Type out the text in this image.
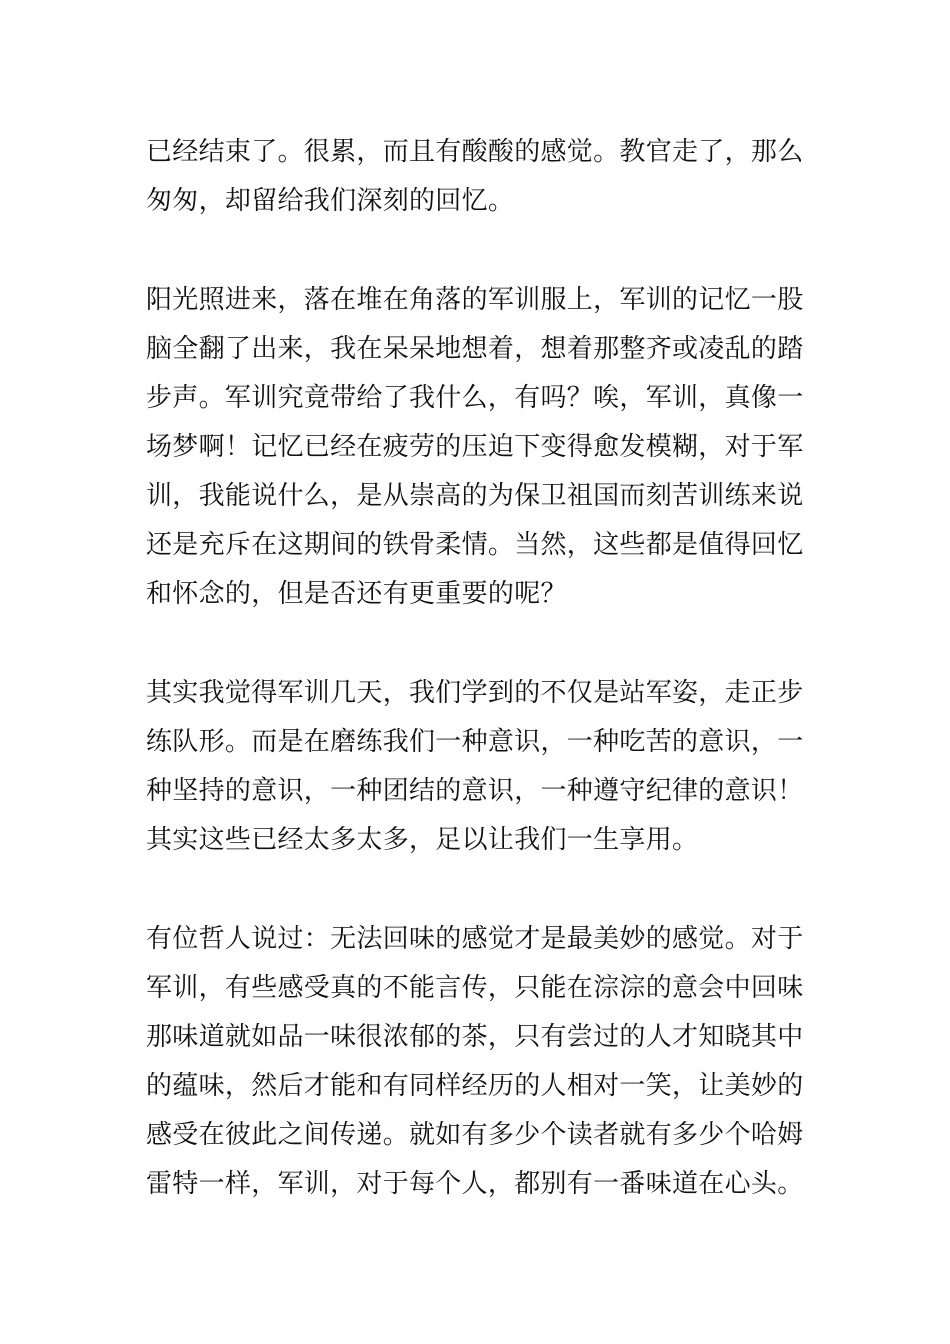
已经结束了。很累，而且有酸酸的感觉。教官走了，那么
匆匆，却留给我们深刻的回忆。
阳光照进来，落在堆在角落的军训服上，军训的记忆一股
脑全翻了出来，我在呆呆地想着，想着那整齐或凌乱的踏
步声。军训究竟带给了我什么，有吗？唉，军训，真像一
场梦啊！记忆已经在疲劳的压迫下变得愈发模糊，对于军
训，我能说什么，是从崇高的为保卫祖国而刻苦训练来说
还是充斥在这期间的铁骨柔情。当然，这些都是值得回忆
和怀念的，但是否还有更重要的呢？
其实我觉得军训几天，我们学到的不仅是站军姿，走正步
练队形。而是在磨练我们一种意识，一种吃苦的意识，一
种坚持的意识，一种团结的意识，一种遵守纪律的意识！
其实这些已经太多太多，足以让我们一生享用。
有位哲人说过：无法回味的感觉才是最美妙的感觉。对于
军训，有些感受真的不能言传，只能在淙淙的意会中回味
那味道就如品一味很浓郁的茶，只有尝过的人才知晓其中
的蕴味，然后才能和有同样经历的人相对一笑，让美妙的
感受在彼此之间传递。就如有多少个读者就有多少个哈姆
雷特一样，军训，对于每个人，都别有一番味道在心头。
